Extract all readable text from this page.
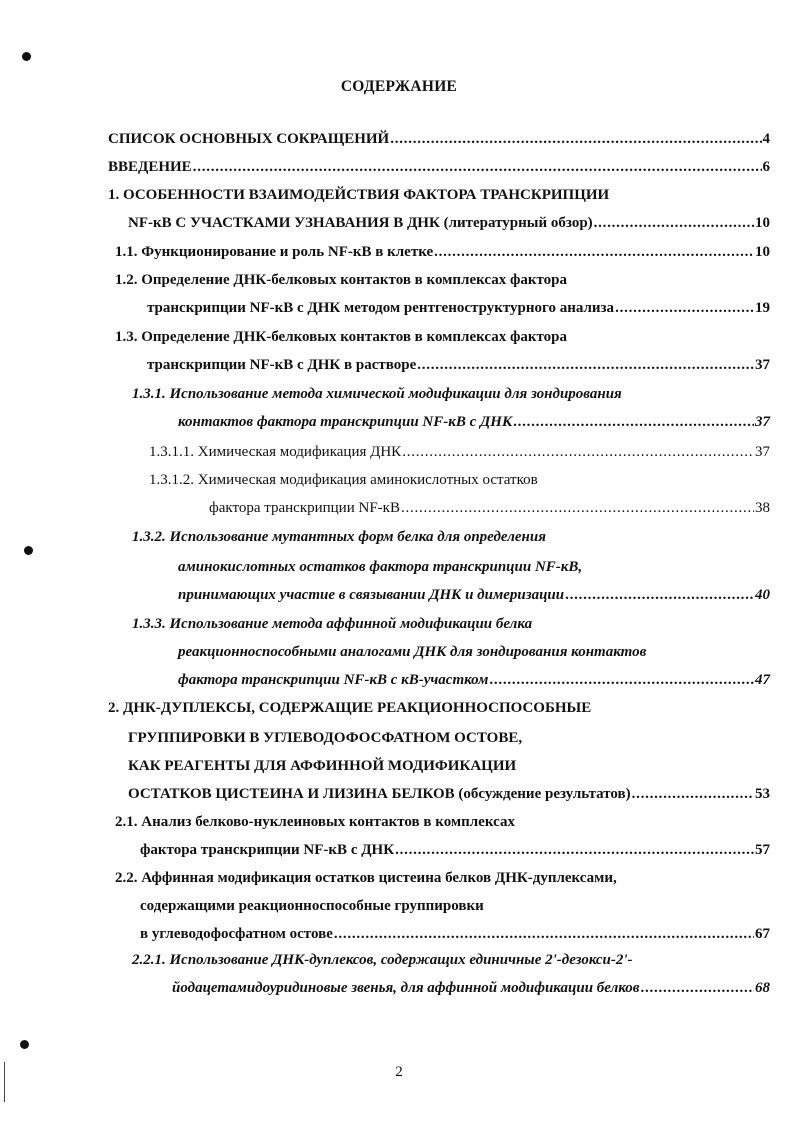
СОДЕРЖАНИЕ
СПИСОК ОСНОВНЫХ СОКРАЩЕНИЙ . . .	4
ВВЕДЕНИЕ . . .	6
1. ОСОБЕННОСТИ ВЗАИМОДЕЙСТВИЯ ФАКТОРА ТРАНСКРИПЦИИ
NF-кВ С УЧАСТКАМИ УЗНАВАНИЯ В ДНК (литературный обзор) . . .	10
1.1. Функционирование и роль NF-кВ в клетке . . .	10
1.2. Определение ДНК-белковых контактов в комплексах фактора
транскрипции NF-кВ с ДНК методом рентгеноструктурного анализа . . .	19
1.3. Определение ДНК-белковых контактов в комплексах фактора
транскрипции NF-кВ с ДНК в растворе . . .	37
1.3.1. Использование метода химической модификации для зондирования
контактов фактора транскрипции NF-кВ с ДНК . . .	37
1.3.1.1. Химическая модификация ДНК . . .	37
1.3.1.2. Химическая модификация аминокислотных остатков
фактора транскрипции NF-кВ . . .	38
1.3.2. Использование мутантных форм белка для определения
аминокислотных остатков фактора транскрипции NF-кВ,
принимающих участие в связывании ДНК и димеризации . . .	40
1.3.3. Использование метода аффинной модификации белка
реакционноспособными аналогами ДНК для зондирования контактов
фактора транскрипции NF-кВ с кВ-участком . . .	47
2. ДНК-ДУПЛЕКСЫ, СОДЕРЖАЩИЕ РЕАКЦИОННОСПОСОБНЫЕ
ГРУППИРОВКИ В УГЛЕВОДОФОСФАТНОМ ОСТОВЕ,
КАК РЕАГЕНТЫ ДЛЯ АФФИННОЙ МОДИФИКАЦИИ
ОСТАТКОВ ЦИСТЕИНА И ЛИЗИНА БЕЛКОВ (обсуждение результатов) . . .	53
2.1. Анализ белково-нуклеиновых контактов в комплексах
фактора транскрипции NF-кВ с ДНК . . .	57
2.2. Аффинная модификация остатков цистеина белков ДНК-дуплексами,
содержащими реакционноспособные группировки
в углеводофосфатном остове . . .	67
2.2.1. Использование ДНК-дуплексов, содержащих единичные 2'-дезокси-2'-
йодацетамидоуридиновые звенья, для аффинной модификации белков . . .	68
2
